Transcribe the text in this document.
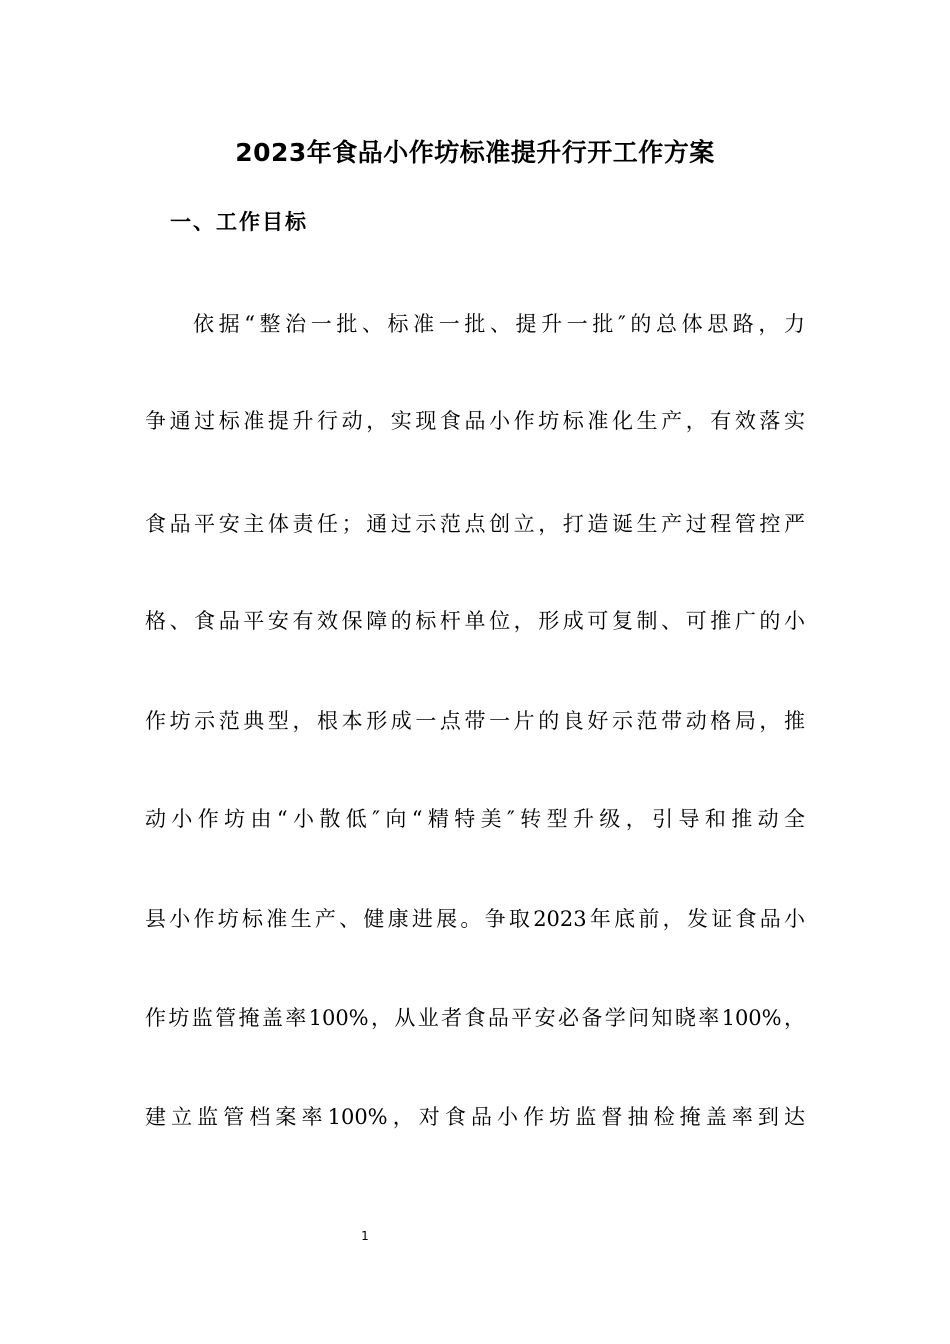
2023年食品小作坊标准提升行开工作方案
一、工作目标

依据“整治一批、标准一批、提升一批″的总体思路，力

争通过标准提升行动，实现食品小作坊标准化生产，有效落实

食品平安主体责任；通过示范点创立，打造诞生产过程管控严

格、食品平安有效保障的标杆单位，形成可复制、可推广的小

作坊示范典型，根本形成一点带一片的良好示范带动格局，推

动小作坊由“小散低″向“精特美″转型升级，引导和推动全

县小作坊标准生产、健康进展。争取2023年底前，发证食品小

作坊监管掩盖率100%，从业者食品平安必备学问知晓率100%，

建立监管档案率100%，对食品小作坊监督抽检掩盖率到达

1
